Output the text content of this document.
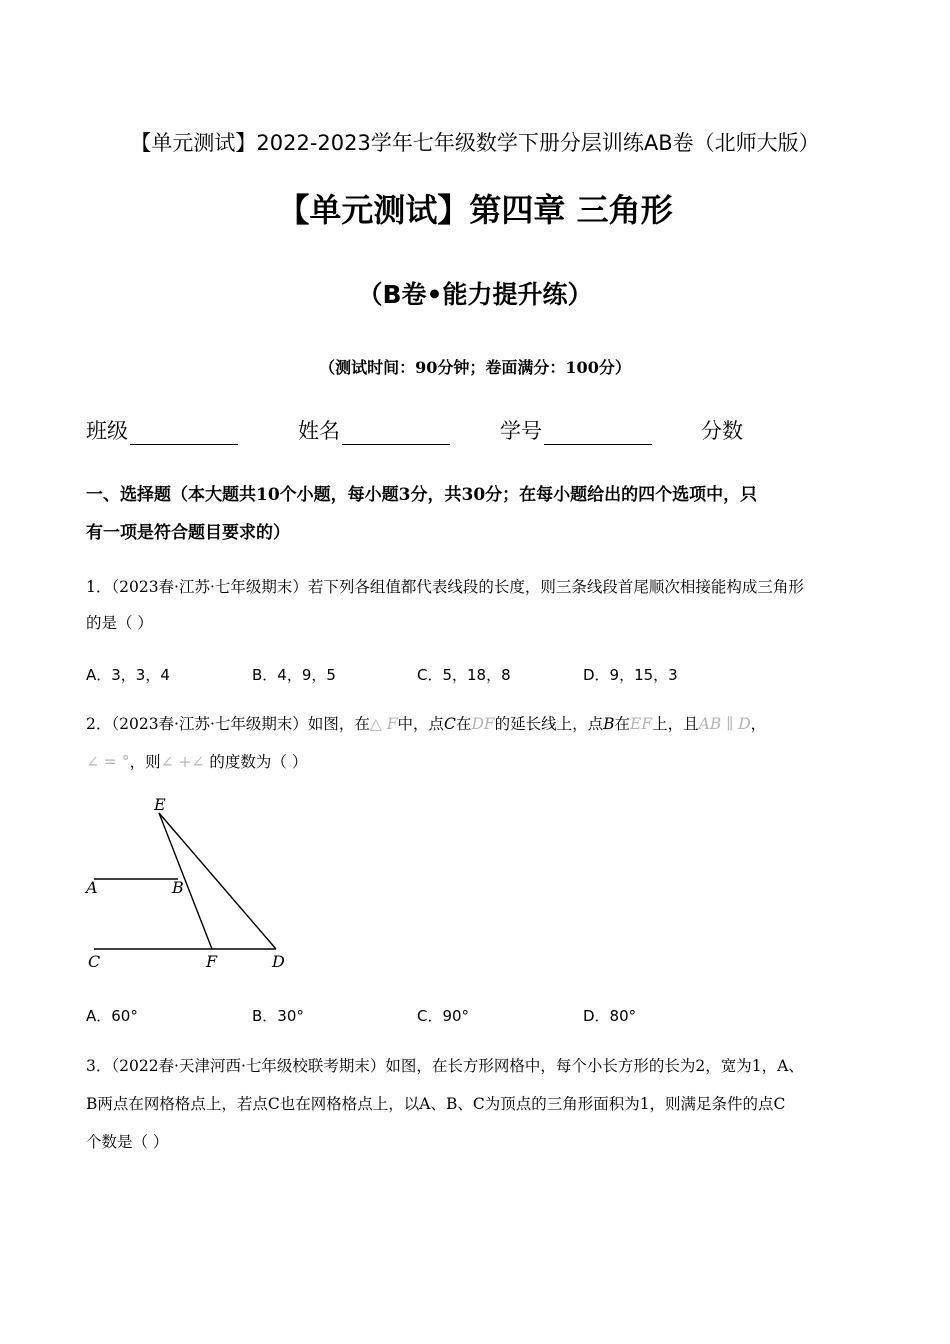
【单元测试】2022-2023学年七年级数学下册分层训练AB卷（北师大版）
【单元测试】第四章 三角形
（B卷•能力提升练）
（测试时间：90分钟；卷面满分：100分）
班级	姓名	学号	分数
一、选择题（本大题共10个小题，每小题3分，共30分；在每小题给出的四个选项中，只
有一项是符合题目要求的）
1．（2023春·江苏·七年级期末）若下列各组值都代表线段的长度，则三条线段首尾顺次相接能构成三角形
的是（ ）
A．3，3，4	B．4，9，5	C．5，18，8	D．9，15，3
2．（2023春·江苏·七年级期末）如图，在△ F中，点C在DF的延长线上，点B在EF上，且AB ∥ D，
∠ = °，则∠ +∠ 的度数为（ ）
E
A	B
C	F	D
A．60°	B．30°	C．90°	D．80°
3．（2022春·天津河西·七年级校联考期末）如图，在长方形网格中，每个小长方形的长为2，宽为1，A、
B两点在网格格点上，若点C也在网格格点上，以A、B、C为顶点的三角形面积为1，则满足条件的点C
个数是（ ）
